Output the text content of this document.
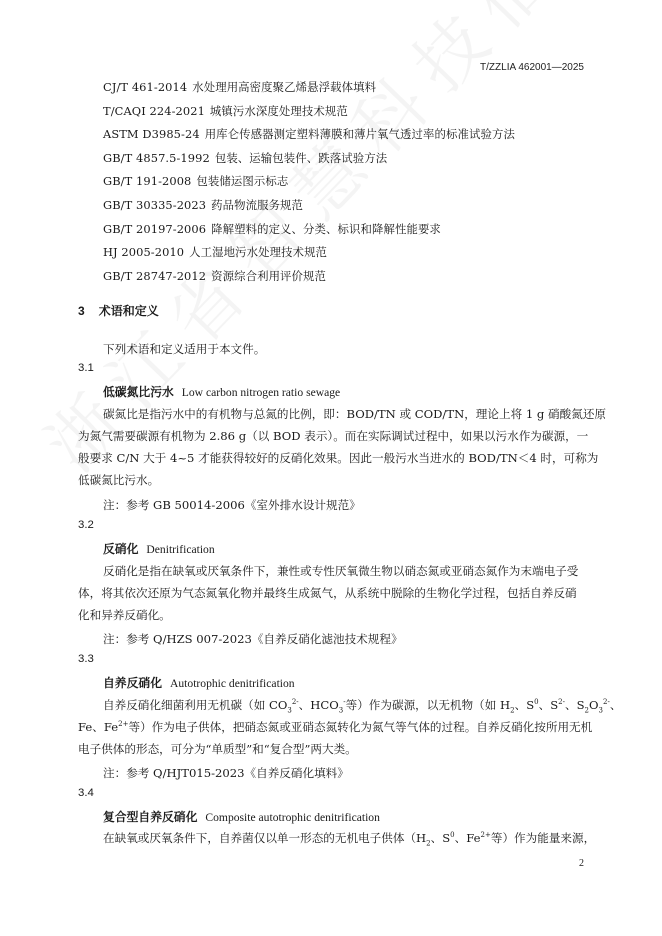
T/ZZLIA 462001—2025
CJ/T 461-2014 水处理用高密度聚乙烯悬浮载体填料
T/CAQI 224-2021 城镇污水深度处理技术规范
ASTM D3985-24 用库仑传感器测定塑料薄膜和薄片氧气透过率的标准试验方法
GB/T 4857.5-1992 包装、运输包装件、跌落试验方法
GB/T 191-2008 包装储运图示标志
GB/T 30335-2023 药品物流服务规范
GB/T 20197-2006 降解塑料的定义、分类、标识和降解性能要求
HJ 2005-2010 人工湿地污水处理技术规范
GB/T 28747-2012 资源综合利用评价规范
3 术语和定义
下列术语和定义适用于本文件。
3.1
低碳氮比污水 Low carbon nitrogen ratio sewage
碳氮比是指污水中的有机物与总氮的比例，即：BOD/TN 或 COD/TN，理论上将 1 g 硝酸氮还原
为氮气需要碳源有机物为 2.86 g（以 BOD 表示）。而在实际调试过程中，如果以污水作为碳源，一
般要求 C/N 大于 4~5 才能获得较好的反硝化效果。因此一般污水当进水的 BOD/TN＜4 时，可称为
低碳氮比污水。
注：参考 GB 50014-2006《室外排水设计规范》
3.2
反硝化 Denitrification
反硝化是指在缺氧或厌氧条件下，兼性或专性厌氧微生物以硝态氮或亚硝态氮作为末端电子受
体，将其依次还原为气态氮氧化物并最终生成氮气，从系统中脱除的生物化学过程，包括自养反硝
化和异养反硝化。
注：参考 Q/HZS 007-2023《自养反硝化滤池技术规程》
3.3
自养反硝化 Autotrophic denitrification
自养反硝化细菌利用无机碳（如 $CO_3^{2-}$、$HCO_3^-$等）作为碳源，以无机物（如 $H_2$、$S^0$、$S^{2-}$、$S_2O_3^{2-}$、
Fe、$Fe^{2+}$等）作为电子供体，把硝态氮或亚硝态氮转化为氮气等气体的过程。自养反硝化按所用无机
电子供体的形态，可分为“单质型”和“复合型”两大类。
注：参考 Q/HJT015-2023《自养反硝化填料》
3.4
复合型自养反硝化 Composite autotrophic denitrification
在缺氧或厌氧条件下，自养菌仅以单一形态的无机电子供体（$H_2$、$S^0$、$Fe^{2+}$等）作为能量来源，
2
